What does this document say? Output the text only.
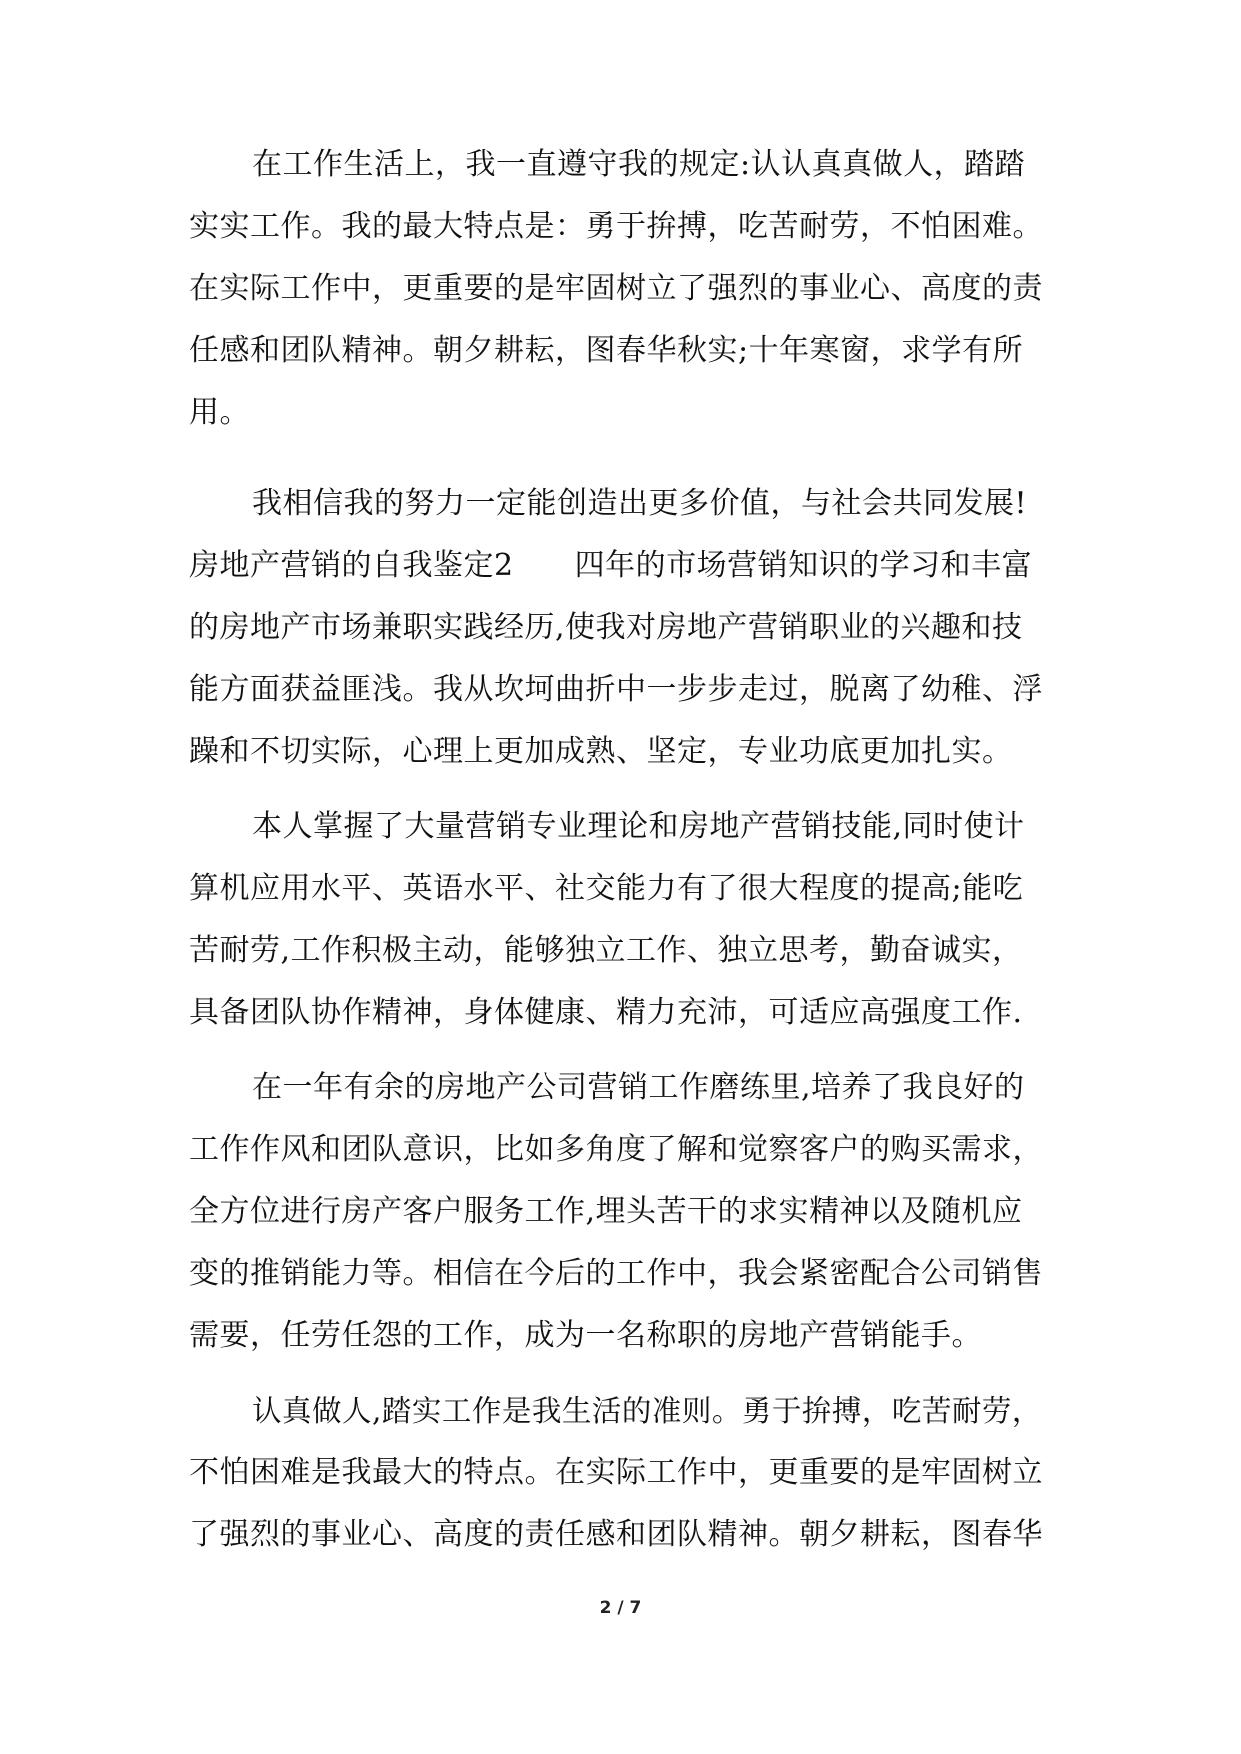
在工作生活上，我一直遵守我的规定:认认真真做人，踏踏
实实工作。我的最大特点是：勇于拚搏，吃苦耐劳，不怕困难。
在实际工作中，更重要的是牢固树立了强烈的事业心、高度的责
任感和团队精神。朝夕耕耘，图春华秋实;十年寒窗，求学有所
用。
我相信我的努力一定能创造出更多价值，与社会共同发展!
房地产营销的自我鉴定2　　四年的市场营销知识的学习和丰富
的房地产市场兼职实践经历,使我对房地产营销职业的兴趣和技
能方面获益匪浅。我从坎坷曲折中一步步走过，脱离了幼稚、浮
躁和不切实际，心理上更加成熟、坚定，专业功底更加扎实。
本人掌握了大量营销专业理论和房地产营销技能,同时使计
算机应用水平、英语水平、社交能力有了很大程度的提高;能吃
苦耐劳,工作积极主动，能够独立工作、独立思考，勤奋诚实，
具备团队协作精神，身体健康、精力充沛，可适应高强度工作.
在一年有余的房地产公司营销工作磨练里,培养了我良好的
工作作风和团队意识，比如多角度了解和觉察客户的购买需求，
全方位进行房产客户服务工作,埋头苦干的求实精神以及随机应
变的推销能力等。相信在今后的工作中，我会紧密配合公司销售
需要，任劳任怨的工作，成为一名称职的房地产营销能手。
认真做人,踏实工作是我生活的准则。勇于拚搏，吃苦耐劳，
不怕困难是我最大的特点。在实际工作中，更重要的是牢固树立
了强烈的事业心、高度的责任感和团队精神。朝夕耕耘，图春华
2 / 7
